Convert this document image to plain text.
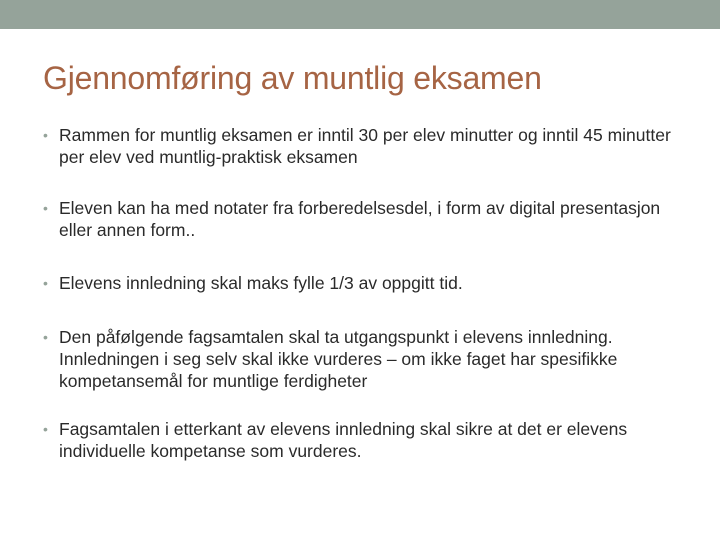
Gjennomføring av muntlig eksamen
• Rammen for muntlig eksamen er inntil 30 per elev minutter og inntil 45 minutter per elev ved muntlig-praktisk eksamen
• Eleven kan ha med notater fra forberedelsesdel, i form av digital presentasjon eller annen form..
• Elevens innledning skal maks fylle 1/3 av oppgitt tid.
• Den påfølgende fagsamtalen skal ta utgangspunkt i elevens innledning. Innledningen i seg selv skal ikke vurderes – om ikke faget har spesifikke kompetansemål for muntlige ferdigheter
• Fagsamtalen i etterkant av elevens innledning skal sikre at det er elevens individuelle kompetanse som vurderes.
